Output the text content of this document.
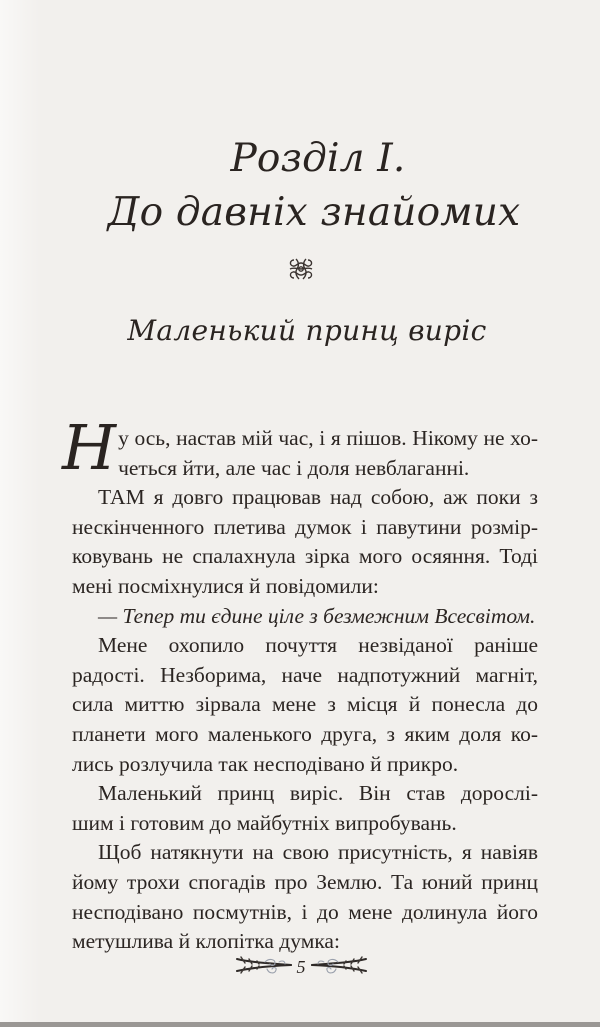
Розділ І.
До давніх знайомих
Маленький принц виріс
Н у ось, настав мій час, і я пішов. Нікому не хо-
четься йти, але час і доля невблаганні.
ТАМ я довго працював над собою, аж поки з
нескінченного плетива думок і павутини розмір-
ковувань не спалахнула зірка мого осяяння. Тоді
мені посміхнулися й повідомили:
— Тепер ти єдине ціле з безмежним Всесвітом.
Мене охопило почуття незвіданої раніше
радості. Незборима, наче надпотужний магніт,
сила миттю зірвала мене з місця й понесла до
планети мого маленького друга, з яким доля ко-
лись розлучила так несподівано й прикро.
Маленький принц виріс. Він став дорослі-
шим і готовим до майбутніх випробувань.
Щоб натякнути на свою присутність, я навіяв
йому трохи спогадів про Землю. Та юний принц
несподівано посмутнів, і до мене долинула його
метушлива й клопітка думка:
5
